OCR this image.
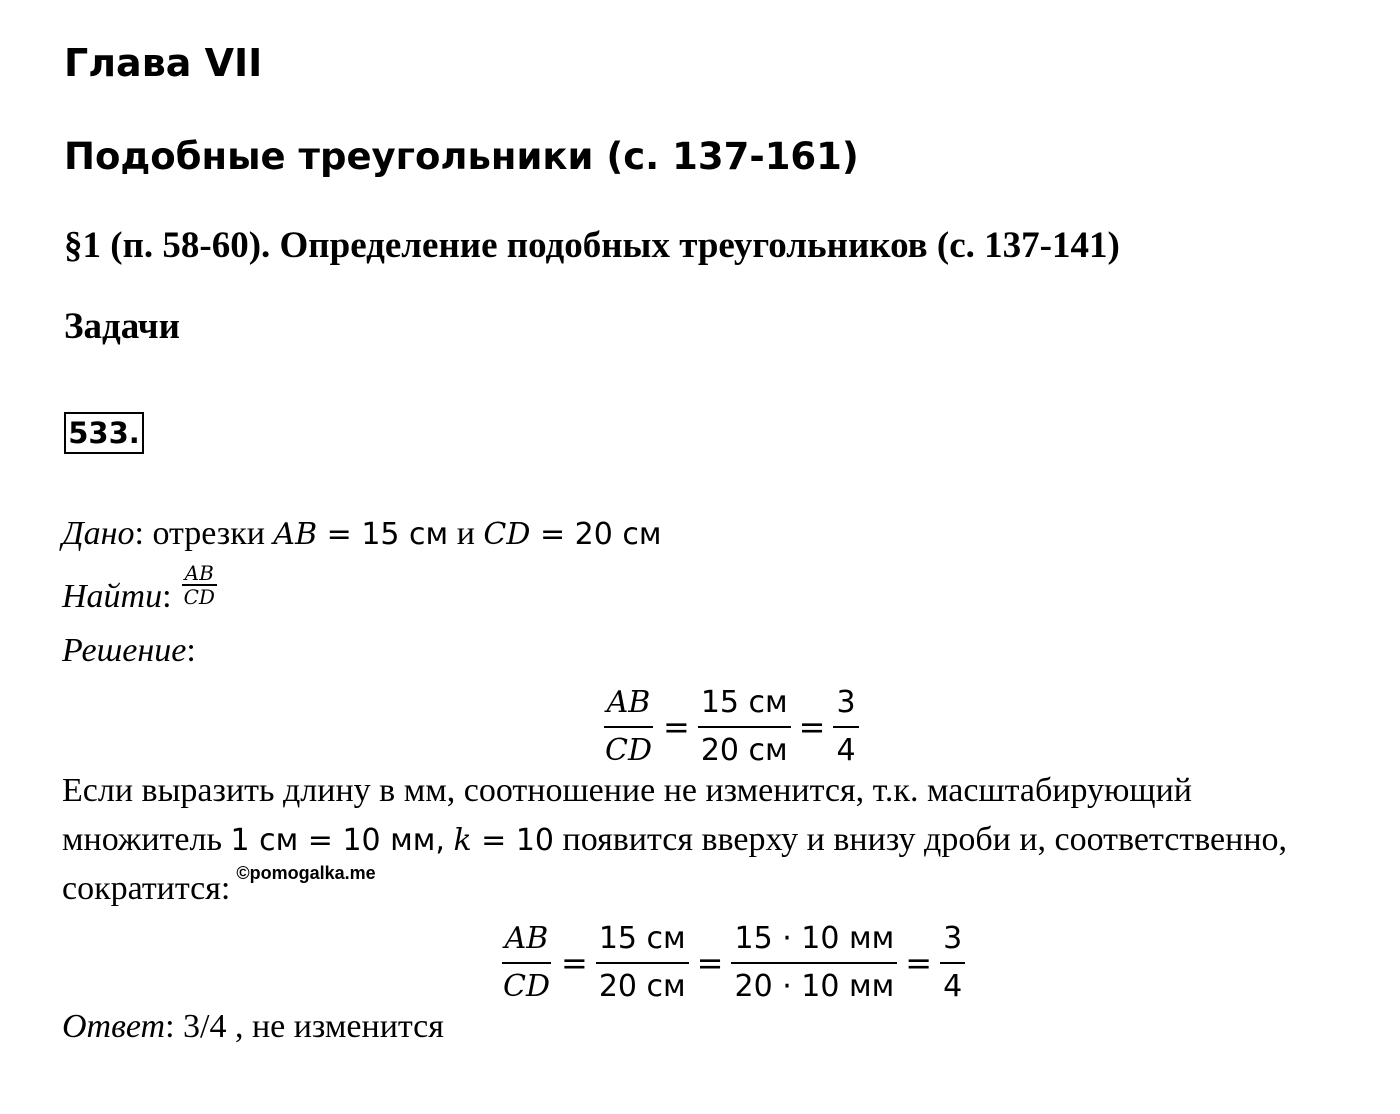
Глава VII
Подобные треугольники (с. 137-161)
§1 (п. 58-60). Определение подобных треугольников (с. 137-141)
Задачи
533.
Дано: отрезки AB = 15 см и CD = 20 см
Найти: $\frac{AB}{CD}$
Решение:
$\frac{AB}{CD} = \frac{15 см}{20 см} = \frac{3}{4}$
Если выразить длину в мм, соотношение не изменится, т.к. масштабирующий
множитель 1 см = 10 мм, k = 10 появится вверху и внизу дроби и, соответственно,
сократится: $^{©pomogalka.me}$
$\frac{AB}{CD} = \frac{15 см}{20 см} = \frac{15 \cdot 10 мм}{20 \cdot 10 мм} = \frac{3}{4}$
Ответ: 3/4 , не изменится
